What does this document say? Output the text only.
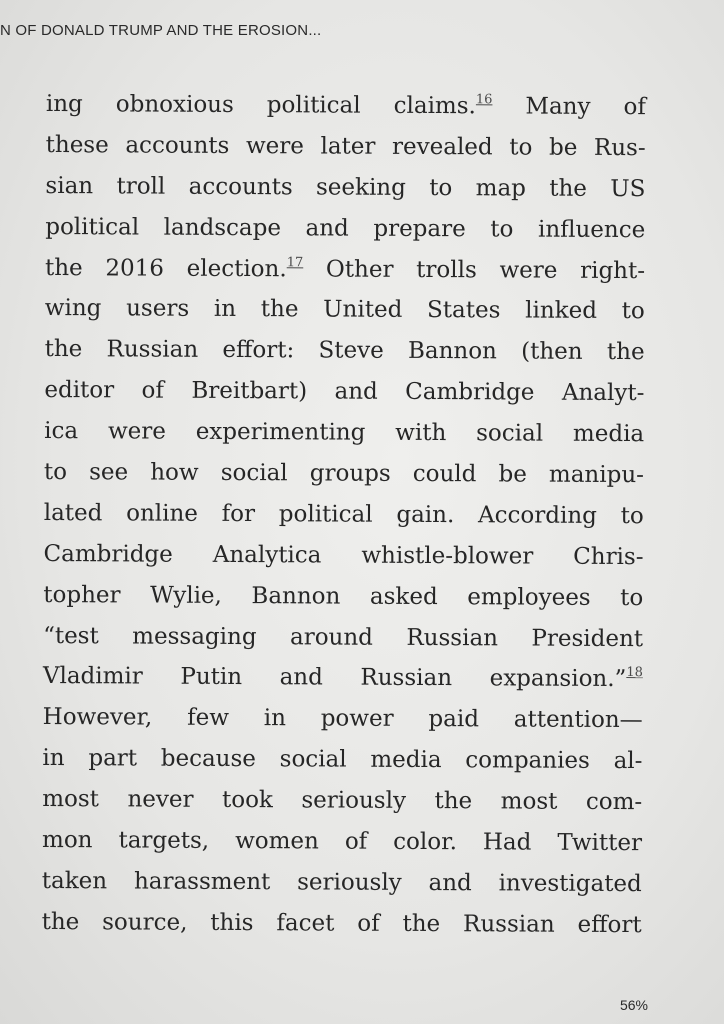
N OF DONALD TRUMP AND THE EROSION...
ing obnoxious political claims.$^{16}$ Many of
these accounts were later revealed to be Rus-
sian troll accounts seeking to map the US
political landscape and prepare to influence
the 2016 election.$^{17}$ Other trolls were right-
wing users in the United States linked to
the Russian effort: Steve Bannon (then the
editor of Breitbart) and Cambridge Analyt-
ica were experimenting with social media
to see how social groups could be manipu-
lated online for political gain. According to
Cambridge Analytica whistle-blower Chris-
topher Wylie, Bannon asked employees to
“test messaging around Russian President
Vladimir Putin and Russian expansion.”$^{18}$
However, few in power paid attention—
in part because social media companies al-
most never took seriously the most com-
mon targets, women of color. Had Twitter
taken harassment seriously and investigated
the source, this facet of the Russian effort
56%
